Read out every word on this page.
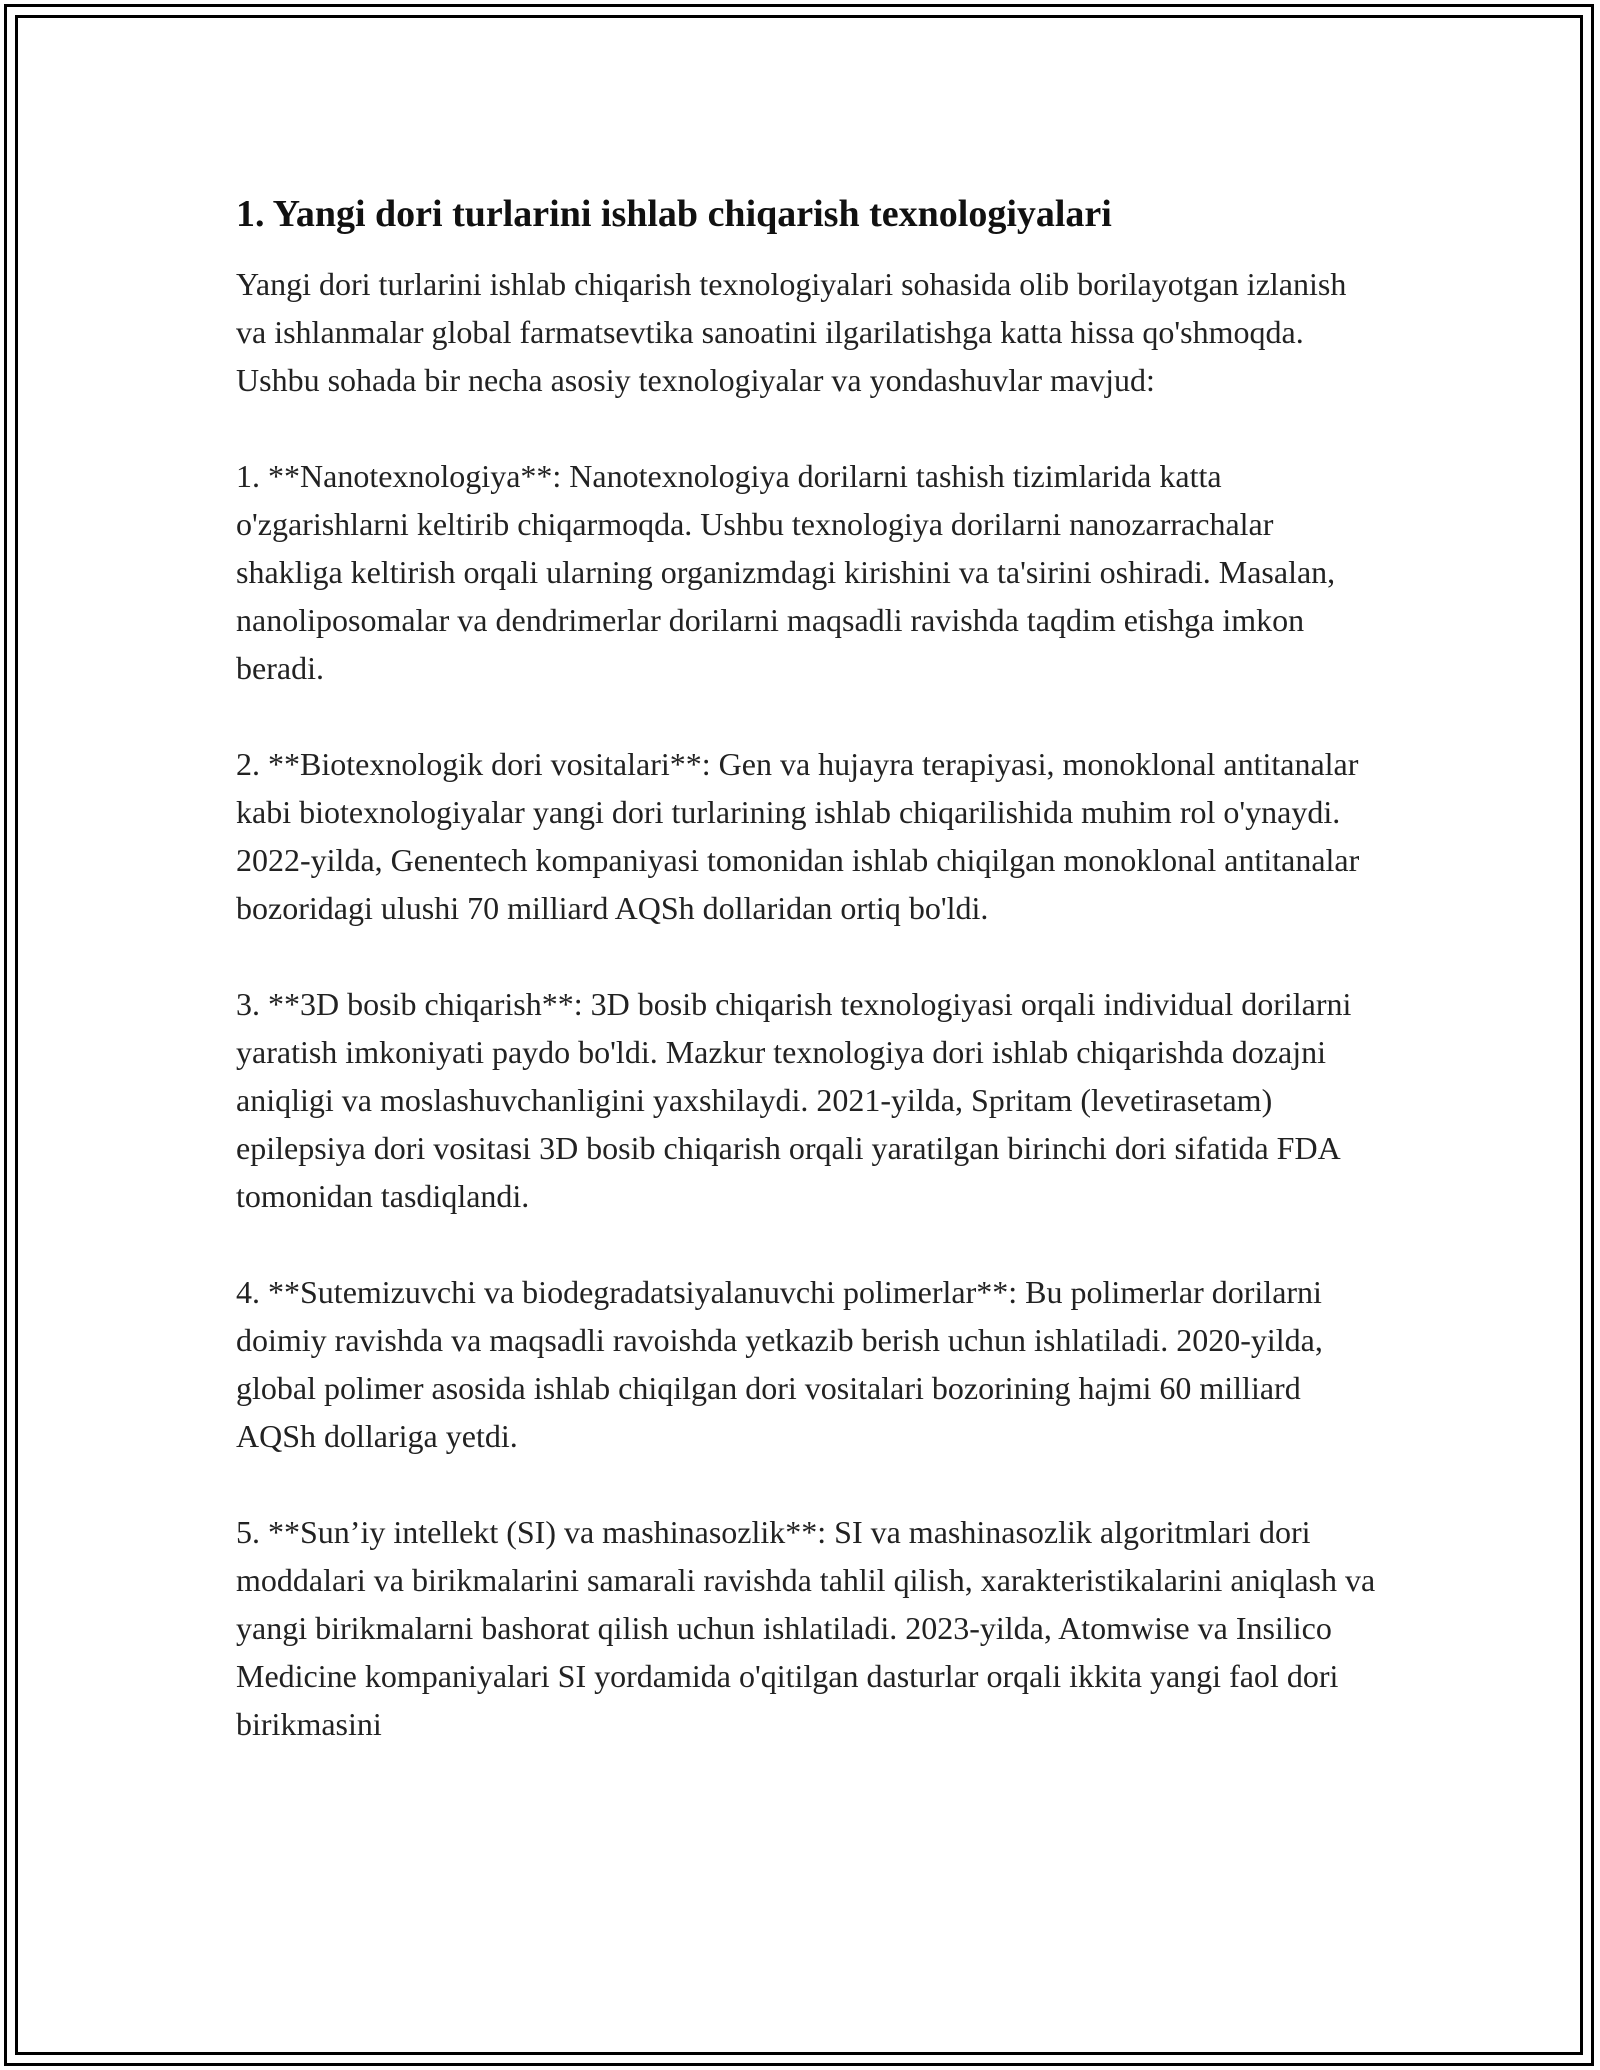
1. Yangi dori turlarini ishlab chiqarish texnologiyalari

Yangi dori turlarini ishlab chiqarish texnologiyalari sohasida olib borilayotgan izlanish va ishlanmalar global farmatsevtika sanoatini ilgarilatishga katta hissa qo'shmoqda. Ushbu sohada bir necha asosiy texnologiyalar va yondashuvlar mavjud:

1. **Nanotexnologiya**: Nanotexnologiya dorilarni tashish tizimlarida katta o'zgarishlarni keltirib chiqarmoqda. Ushbu texnologiya dorilarni nanozarrachalar shakliga keltirish orqali ularning organizmdagi kirishini va ta'sirini oshiradi. Masalan, nanoliposomalar va dendrimerlar dorilarni maqsadli ravishda taqdim etishga imkon beradi.

2. **Biotexnologik dori vositalari**: Gen va hujayra terapiyasi, monoklonal antitanalar kabi biotexnologiyalar yangi dori turlarining ishlab chiqarilishida muhim rol o'ynaydi. 2022-yilda, Genentech kompaniyasi tomonidan ishlab chiqilgan monoklonal antitanalar bozoridagi ulushi 70 milliard AQSh dollaridan ortiq bo'ldi.

3. **3D bosib chiqarish**: 3D bosib chiqarish texnologiyasi orqali individual dorilarni yaratish imkoniyati paydo bo'ldi. Mazkur texnologiya dori ishlab chiqarishda dozajni aniqligi va moslashuvchanligini yaxshilaydi. 2021-yilda, Spritam (levetirasetam) epilepsiya dori vositasi 3D bosib chiqarish orqali yaratilgan birinchi dori sifatida FDA tomonidan tasdiqlandi.

4. **Sutemizuvchi va biodegradatsiyalanuvchi polimerlar**: Bu polimerlar dorilarni doimiy ravishda va maqsadli ravoishda yetkazib berish uchun ishlatiladi. 2020-yilda, global polimer asosida ishlab chiqilgan dori vositalari bozorining hajmi 60 milliard AQSh dollariga yetdi.

5. **Sun’iy intellekt (SI) va mashinasozlik**: SI va mashinasozlik algoritmlari dori moddalari va birikmalarini samarali ravishda tahlil qilish, xarakteristikalarini aniqlash va yangi birikmalarni bashorat qilish uchun ishlatiladi. 2023-yilda, Atomwise va Insilico Medicine kompaniyalari SI yordamida o'qitilgan dasturlar orqali ikkita yangi faol dori birikmasini
